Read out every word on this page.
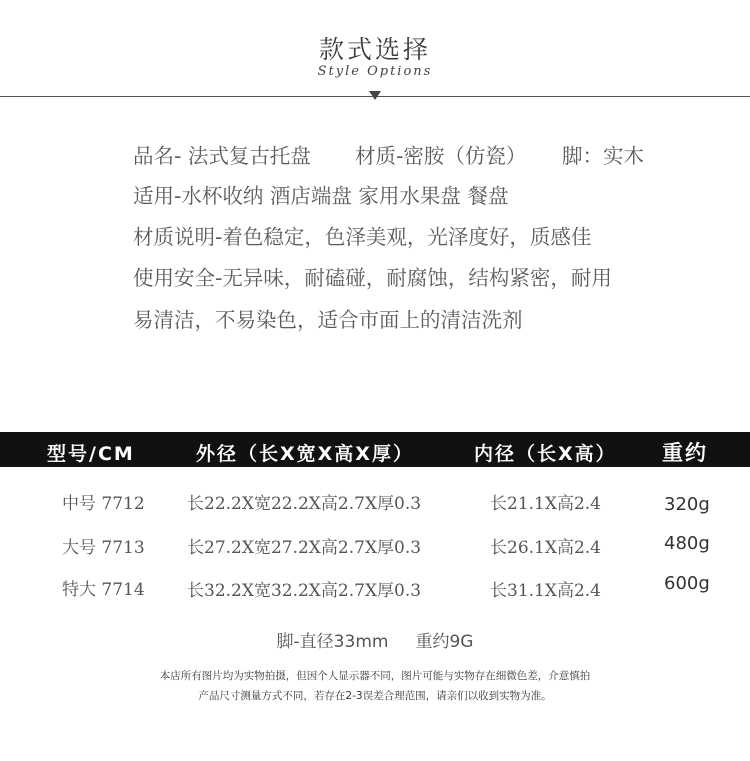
款式选择
Style Options
品名- 法式复古托盘 材质-密胺（仿瓷） 脚：实木
适用-水杯收纳 酒店端盘 家用水果盘 餐盘
材质说明-着色稳定，色泽美观，光泽度好，质感佳
使用安全-无异味，耐磕碰，耐腐蚀，结构紧密，耐用
易清洁，不易染色，适合市面上的清洁洗剂
型号/CM	外径（长X宽X高X厚）	内径（长X高） 重约
中号 7712 长22.2X宽22.2X高2.7X厚0.3	长21.1X高2.4	320g
大号 7713 长27.2X宽27.2X高2.7X厚0.3	长26.1X高2.4	480g
特大 7714 长32.2X宽32.2X高2.7X厚0.3	长31.1X高2.4	600g
脚-直径33mm     重约9G
本店所有图片均为实物拍摄，但因个人显示器不同，图片可能与实物存在细微色差，介意慎拍
产品尺寸测量方式不同，若存在2-3误差合理范围，请亲们以收到实物为准。
